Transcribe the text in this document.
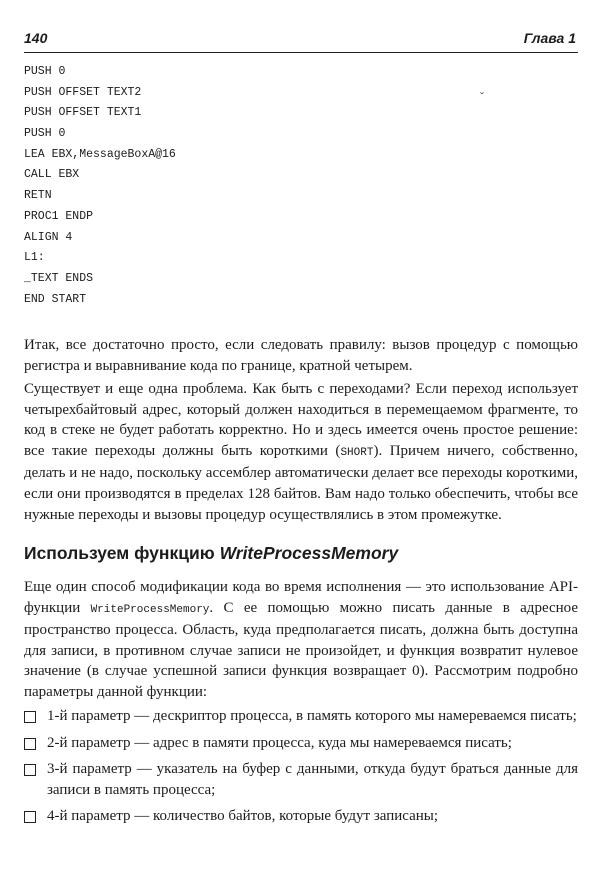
140	Глава 1
PUSH 0
PUSH OFFSET TEXT2
PUSH OFFSET TEXT1
PUSH 0
LEA EBX,MessageBoxA@16
CALL EBX
RETN
PROC1 ENDP
ALIGN 4
L1:
_TEXT ENDS
END START
ˇ

Итак, все достаточно просто, если следовать правилу: вызов процедур с помощью регистра и выравнивание кода по границе, кратной четырем.

Существует и еще одна проблема. Как быть с переходами? Если переход использует четырехбайтовый адрес, который должен находиться в перемещаемом фрагменте, то код в стеке не будет работать корректно. Но и здесь имеется очень простое решение: все такие переходы должны быть короткими (SHORT). Причем ничего, собственно, делать и не надо, поскольку ассемблер автоматически делает все переходы короткими, если они производятся в пределах 128 байтов. Вам надо только обеспечить, чтобы все нужные переходы и вызовы процедур осуществлялись в этом промежутке.

Используем функцию WriteProcessMemory

Еще один способ модификации кода во время исполнения — это использование API-функции WriteProcessMemory. С ее помощью можно писать данные в адресное пространство процесса. Область, куда предполагается писать, должна быть доступна для записи, в противном случае записи не произойдет, и функция возвратит нулевое значение (в случае успешной записи функция возвращает 0). Рассмотрим подробно параметры данной функции:

1-й параметр — дескриптор процесса, в память которого мы намереваемся писать;
2-й параметр — адрес в памяти процесса, куда мы намереваемся писать;
3-й параметр — указатель на буфер с данными, откуда будут браться данные для записи в память процесса;
4-й параметр — количество байтов, которые будут записаны;
